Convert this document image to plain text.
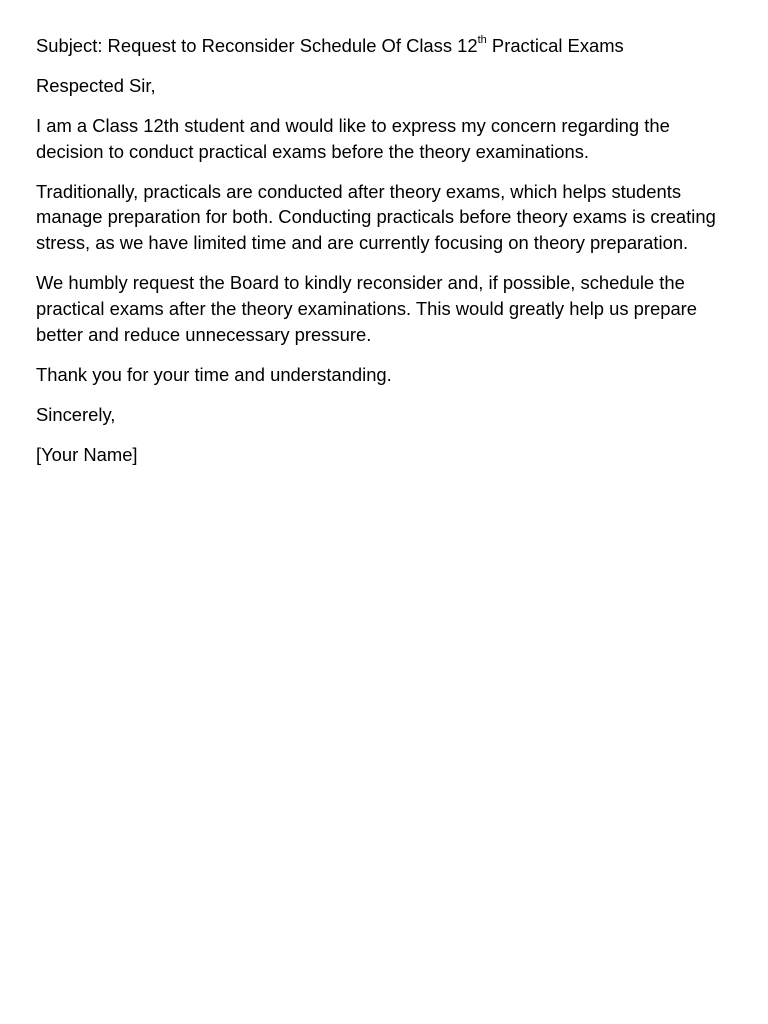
Subject: Request to Reconsider Schedule Of Class 12th Practical Exams

Respected Sir,

I am a Class 12th student and would like to express my concern regarding the decision to conduct practical exams before the theory examinations.

Traditionally, practicals are conducted after theory exams, which helps students manage preparation for both. Conducting practicals before theory exams is creating stress, as we have limited time and are currently focusing on theory preparation.

We humbly request the Board to kindly reconsider and, if possible, schedule the practical exams after the theory examinations. This would greatly help us prepare better and reduce unnecessary pressure.

Thank you for your time and understanding.

Sincerely,

[Your Name]
